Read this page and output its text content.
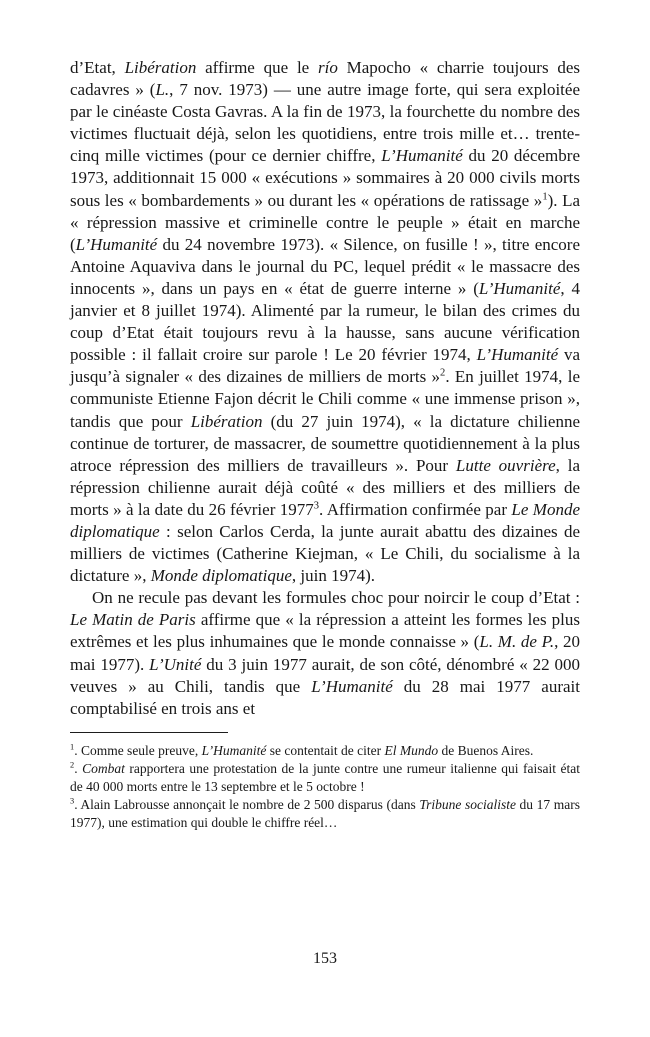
d’Etat, Libération affirme que le río Mapocho « charrie toujours des cadavres » (L., 7 nov. 1973) — une autre image forte, qui sera exploitée par le cinéaste Costa Gavras. A la fin de 1973, la fourchette du nombre des victimes fluctuait déjà, selon les quotidiens, entre trois mille et… trente-cinq mille victimes (pour ce dernier chiffre, L’Humanité du 20 décembre 1973, additionnait 15 000 « exécutions » sommaires à 20 000 civils morts sous les « bombardements » ou durant les « opérations de ratissage »$^1$). La « répression massive et criminelle contre le peuple » était en marche (L’Humanité du 24 novembre 1973). « Silence, on fusille ! », titre encore Antoine Aquaviva dans le journal du PC, lequel prédit « le massacre des innocents », dans un pays en « état de guerre interne » (L’Humanité, 4 janvier et 8 juillet 1974). Alimenté par la rumeur, le bilan des crimes du coup d’Etat était toujours revu à la hausse, sans aucune vérification possible : il fallait croire sur parole ! Le 20 février 1974, L’Humanité va jusqu’à signaler « des dizaines de milliers de morts »$^2$. En juillet 1974, le communiste Etienne Fajon décrit le Chili comme « une immense prison », tandis que pour Libération (du 27 juin 1974), « la dictature chilienne continue de torturer, de massacrer, de soumettre quotidiennement à la plus atroce répression des milliers de travailleurs ». Pour Lutte ouvrière, la répression chilienne aurait déjà coûté « des milliers et des milliers de morts » à la date du 26 février 1977$^3$. Affirmation confirmée par Le Monde diplomatique : selon Carlos Cerda, la junte aurait abattu des dizaines de milliers de victimes (Catherine Kiejman, « Le Chili, du socialisme à la dictature », Monde diplomatique, juin 1974).

On ne recule pas devant les formules choc pour noircir le coup d’Etat : Le Matin de Paris affirme que « la répression a atteint les formes les plus extrêmes et les plus inhumaines que le monde connaisse » (L. M. de P., 20 mai 1977). L’Unité du 3 juin 1977 aurait, de son côté, dénombré « 22 000 veuves » au Chili, tandis que L’Humanité du 28 mai 1977 aurait comptabilisé en trois ans et

$^1$. Comme seule preuve, L’Humanité se contentait de citer El Mundo de Buenos Aires.

$^2$. Combat rapportera une protestation de la junte contre une rumeur italienne qui faisait état de 40 000 morts entre le 13 septembre et le 5 octobre !

$^3$. Alain Labrousse annonçait le nombre de 2 500 disparus (dans Tribune socialiste du 17 mars 1977), une estimation qui double le chiffre réel…

153
